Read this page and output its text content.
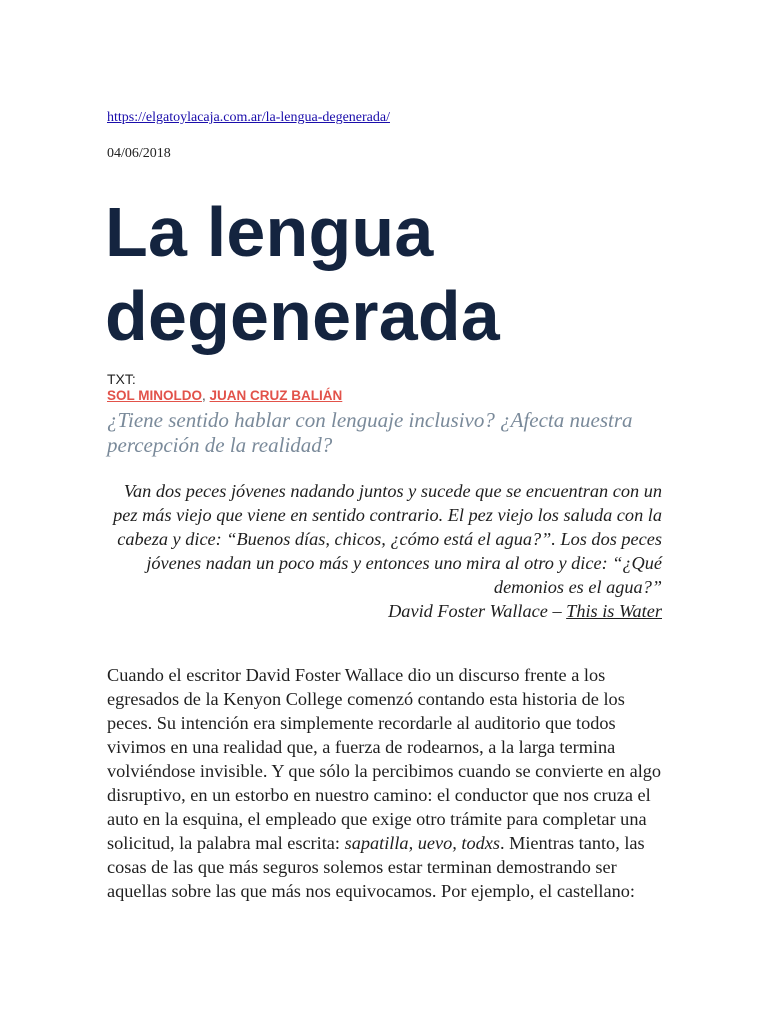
https://elgatoylacaja.com.ar/la-lengua-degenerada/
04/06/2018
La lengua
degenerada
TXT:
SOL MINOLDO, JUAN CRUZ BALIÁN
¿Tiene sentido hablar con lenguaje inclusivo? ¿Afecta nuestra percepción de la realidad?
Van dos peces jóvenes nadando juntos y sucede que se encuentran con un pez más viejo que viene en sentido contrario. El pez viejo los saluda con la cabeza y dice: “Buenos días, chicos, ¿cómo está el agua?”. Los dos peces jóvenes nadan un poco más y entonces uno mira al otro y dice: “¿Qué demonios es el agua?”
David Foster Wallace – This is Water
Cuando el escritor David Foster Wallace dio un discurso frente a los egresados de la Kenyon College comenzó contando esta historia de los peces. Su intención era simplemente recordarle al auditorio que todos vivimos en una realidad que, a fuerza de rodearnos, a la larga termina volviéndose invisible. Y que sólo la percibimos cuando se convierte en algo disruptivo, en un estorbo en nuestro camino: el conductor que nos cruza el auto en la esquina, el empleado que exige otro trámite para completar una solicitud, la palabra mal escrita: sapatilla, uevo, todxs. Mientras tanto, las cosas de las que más seguros solemos estar terminan demostrando ser aquellas sobre las que más nos equivocamos. Por ejemplo, el castellano:
